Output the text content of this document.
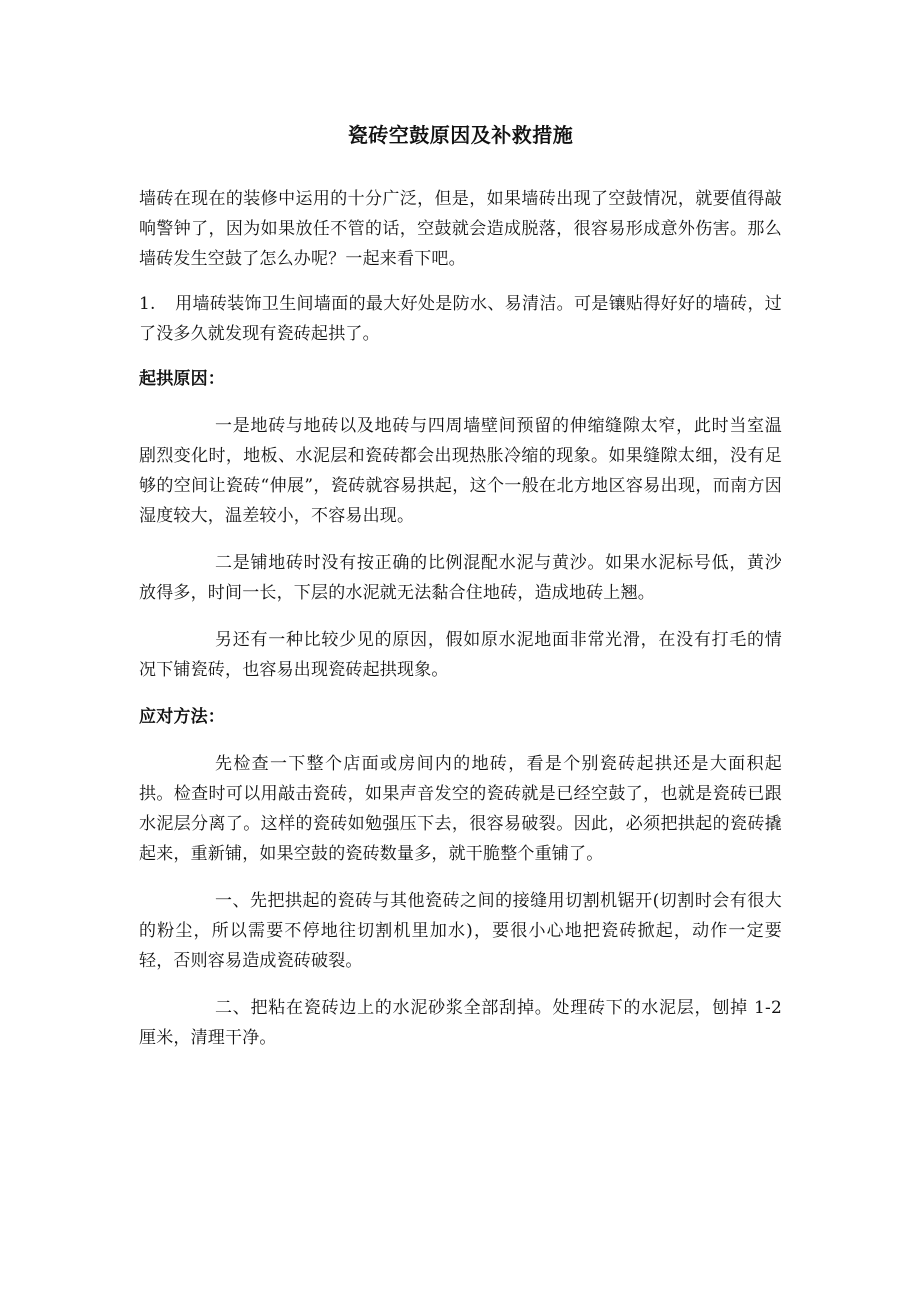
瓷砖空鼓原因及补救措施

墙砖在现在的装修中运用的十分广泛，但是，如果墙砖出现了空鼓情况，就要值得敲响警钟了，因为如果放任不管的话，空鼓就会造成脱落，很容易形成意外伤害。那么墙砖发生空鼓了怎么办呢？一起来看下吧。

1. 用墙砖装饰卫生间墙面的最大好处是防水、易清洁。可是镶贴得好好的墙砖，过了没多久就发现有瓷砖起拱了。

起拱原因：

一是地砖与地砖以及地砖与四周墙壁间预留的伸缩缝隙太窄，此时当室温剧烈变化时，地板、水泥层和瓷砖都会出现热胀冷缩的现象。如果缝隙太细，没有足够的空间让瓷砖“伸展”，瓷砖就容易拱起，这个一般在北方地区容易出现，而南方因湿度较大，温差较小，不容易出现。

二是铺地砖时没有按正确的比例混配水泥与黄沙。如果水泥标号低，黄沙放得多，时间一长，下层的水泥就无法黏合住地砖，造成地砖上翘。

另还有一种比较少见的原因，假如原水泥地面非常光滑，在没有打毛的情况下铺瓷砖，也容易出现瓷砖起拱现象。

应对方法：

先检查一下整个店面或房间内的地砖，看是个别瓷砖起拱还是大面积起拱。检查时可以用敲击瓷砖，如果声音发空的瓷砖就是已经空鼓了，也就是瓷砖已跟水泥层分离了。这样的瓷砖如勉强压下去，很容易破裂。因此，必须把拱起的瓷砖撬起来，重新铺，如果空鼓的瓷砖数量多，就干脆整个重铺了。

一、先把拱起的瓷砖与其他瓷砖之间的接缝用切割机锯开(切割时会有很大的粉尘，所以需要不停地往切割机里加水)，要很小心地把瓷砖掀起，动作一定要轻，否则容易造成瓷砖破裂。

二、把粘在瓷砖边上的水泥砂浆全部刮掉。处理砖下的水泥层，刨掉 1-2 厘米，清理干净。
